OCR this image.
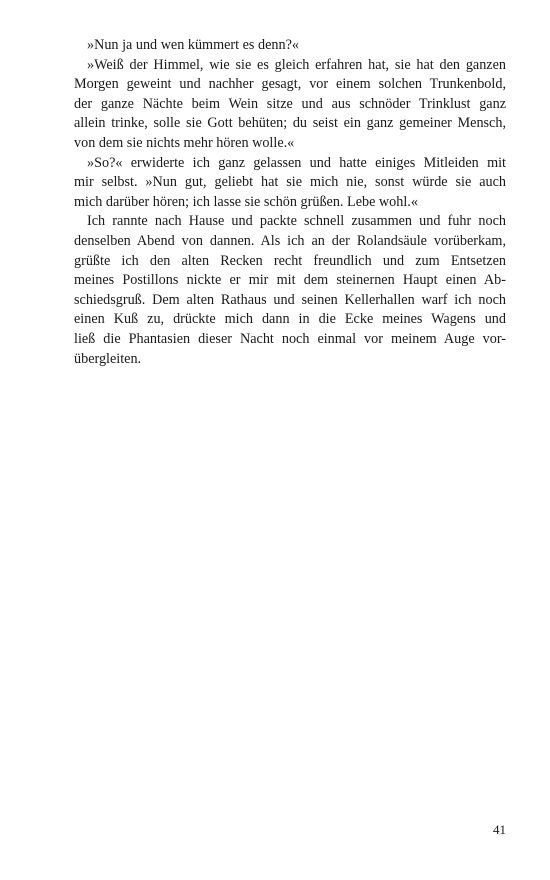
»Nun ja und wen kümmert es denn?«
»Weiß der Himmel, wie sie es gleich erfahren hat, sie hat den ganzen
Morgen geweint und nachher gesagt, vor einem solchen Trunkenbold,
der ganze Nächte beim Wein sitze und aus schnöder Trinklust ganz
allein trinke, solle sie Gott behüten; du seist ein ganz gemeiner Mensch,
von dem sie nichts mehr hören wolle.«
»So?« erwiderte ich ganz gelassen und hatte einiges Mitleiden mit
mir selbst. »Nun gut, geliebt hat sie mich nie, sonst würde sie auch
mich darüber hören; ich lasse sie schön grüßen. Lebe wohl.«
Ich rannte nach Hause und packte schnell zusammen und fuhr noch
denselben Abend von dannen. Als ich an der Rolandsäule vorüberkam,
grüßte ich den alten Recken recht freundlich und zum Entsetzen
meines Postillons nickte er mir mit dem steinernen Haupt einen Ab-
schiedsgruß. Dem alten Rathaus und seinen Kellerhallen warf ich noch
einen Kuß zu, drückte mich dann in die Ecke meines Wagens und
ließ die Phantasien dieser Nacht noch einmal vor meinem Auge vor-
übergleiten.
41
